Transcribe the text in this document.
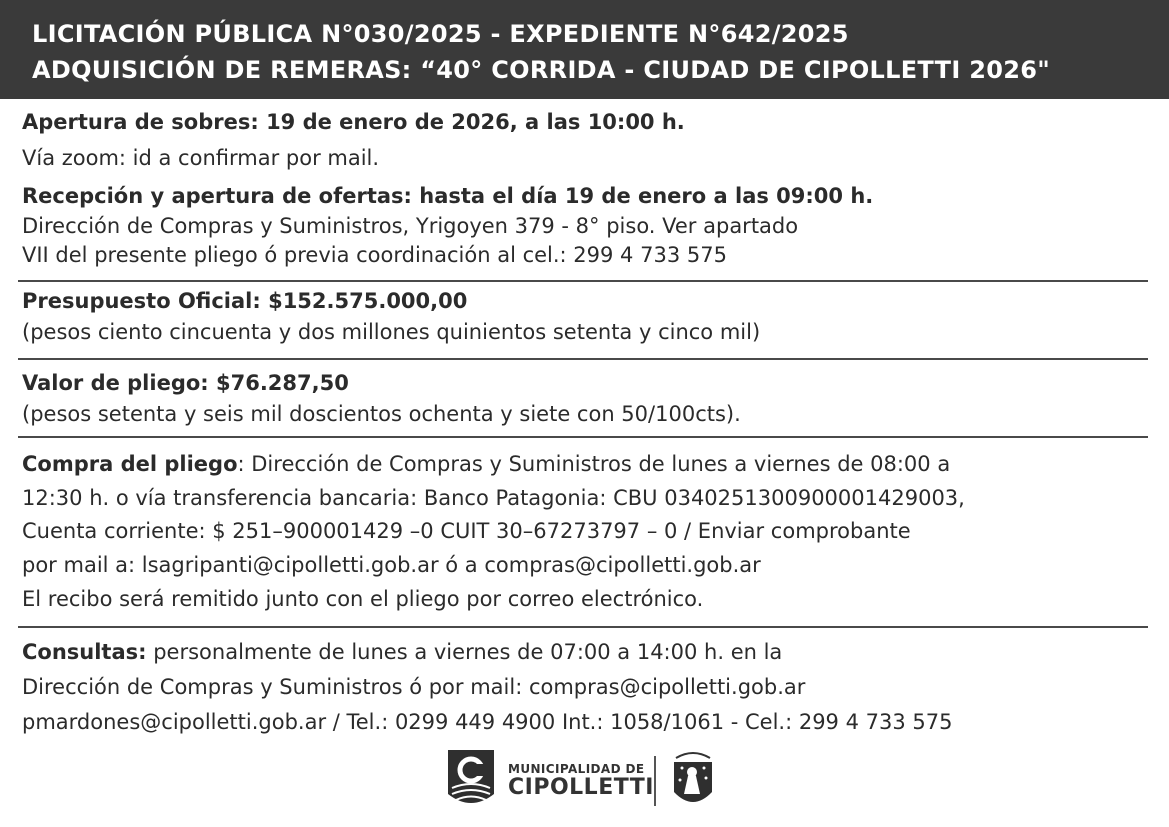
LICITACIÓN PÚBLICA N°030/2025 - EXPEDIENTE N°642/2025
ADQUISICIÓN DE REMERAS: “40° CORRIDA - CIUDAD DE CIPOLLETTI 2026"
Apertura de sobres: 19 de enero de 2026, a las 10:00 h.
Vía zoom: id a confirmar por mail.
Recepción y apertura de ofertas: hasta el día 19 de enero a las 09:00 h.
Dirección de Compras y Suministros, Yrigoyen 379 - 8° piso. Ver apartado
VII del presente pliego ó previa coordinación al cel.: 299 4 733 575
Presupuesto Oficial: $152.575.000,00
(pesos ciento cincuenta y dos millones quinientos setenta y cinco mil)
Valor de pliego: $76.287,50
(pesos setenta y seis mil doscientos ochenta y siete con 50/100cts).
Compra del pliego: Dirección de Compras y Suministros de lunes a viernes de 08:00 a
12:30 h. o vía transferencia bancaria: Banco Patagonia: CBU 0340251300900001429003,
Cuenta corriente: $ 251–900001429 –0 CUIT 30–67273797 – 0 / Enviar comprobante
por mail a: lsagripanti@cipolletti.gob.ar ó a compras@cipolletti.gob.ar
El recibo será remitido junto con el pliego por correo electrónico.
Consultas: personalmente de lunes a viernes de 07:00 a 14:00 h. en la
Dirección de Compras y Suministros ó por mail: compras@cipolletti.gob.ar
pmardones@cipolletti.gob.ar / Tel.: 0299 449 4900 Int.: 1058/1061 - Cel.: 299 4 733 575
MUNICIPALIDAD DE
CIPOLLETTI
